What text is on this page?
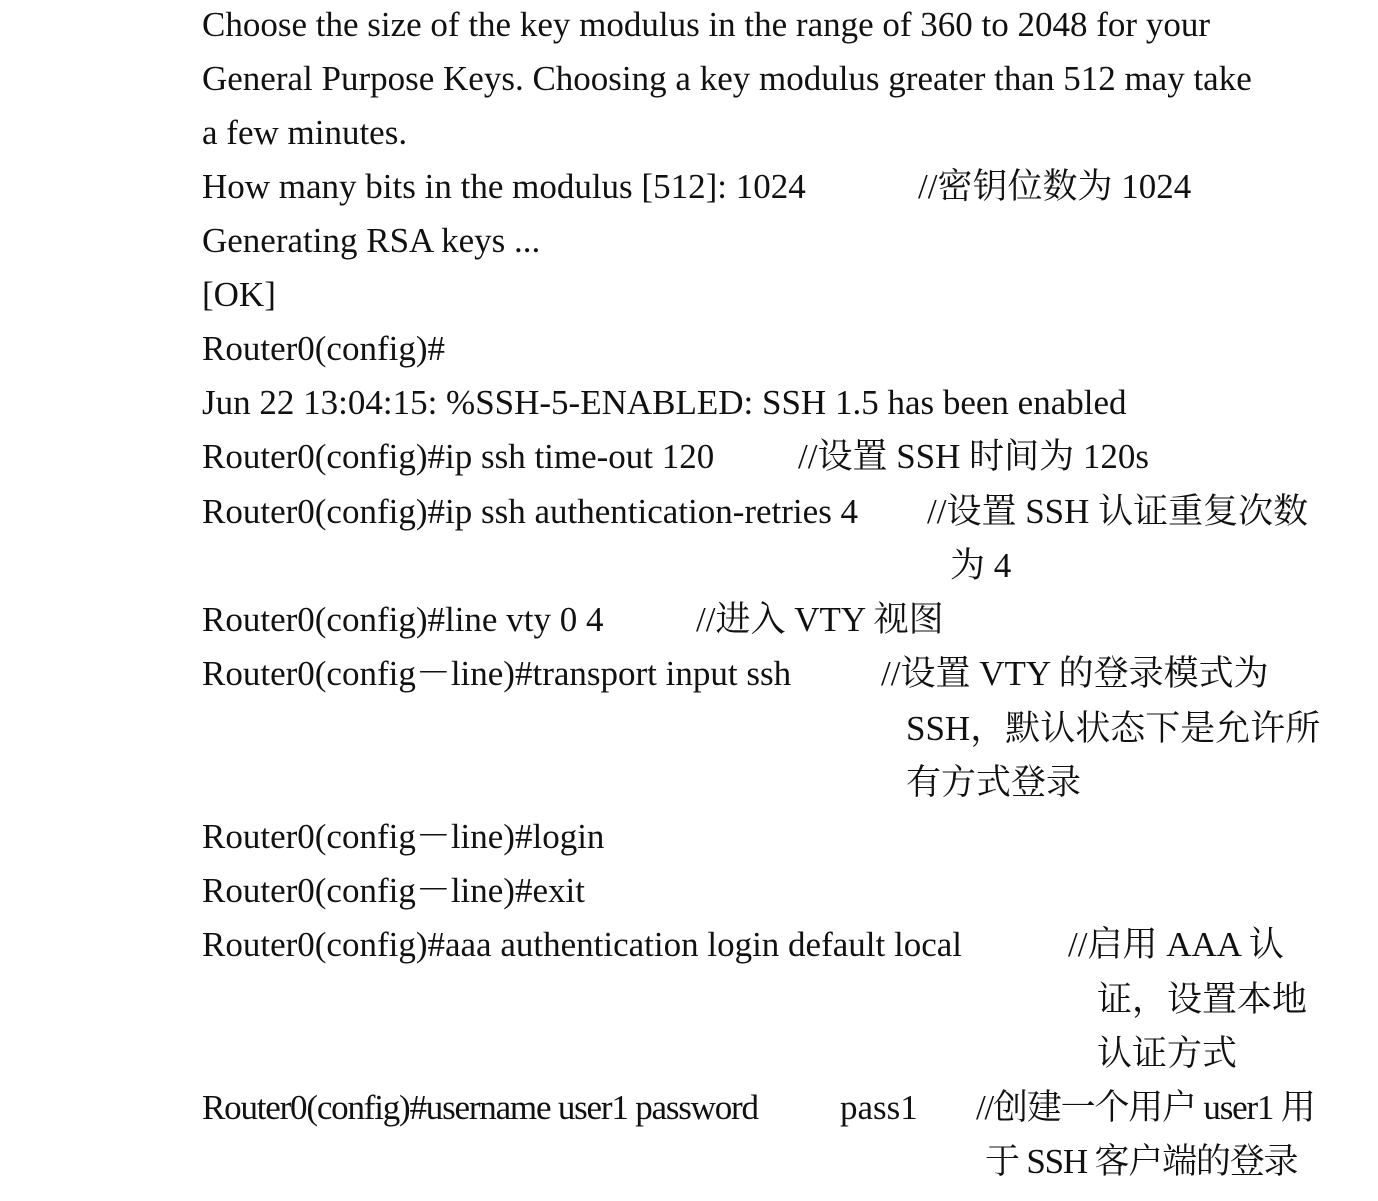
Choose the size of the key modulus in the range of 360 to 2048 for your
General Purpose Keys. Choosing a key modulus greater than 512 may take
a few minutes.
How many bits in the modulus [512]: 1024	//密钥位数为 1024
Generating RSA keys ...
[OK]
Router0(config)#
Jun 22 13:04:15: %SSH-5-ENABLED: SSH 1.5 has been enabled
Router0(config)#ip ssh time-out 120 //设置 SSH 时间为 120s
Router0(config)#ip ssh authentication-retries 4 //设置 SSH 认证重复次数
为 4
Router0(config)#line vty 0 4	//进入 VTY 视图
Router0(config－line)#transport input ssh	//设置 VTY 的登录模式为
SSH，默认状态下是允许所
有方式登录
Router0(config－line)#login
Router0(config－line)#exit
Router0(config)#aaa authentication login default local	//启用 AAA 认
证，设置本地
认证方式
Router0(config)#username user1 password pass1 //创建一个用户 user1 用
于 SSH 客户端的登录
